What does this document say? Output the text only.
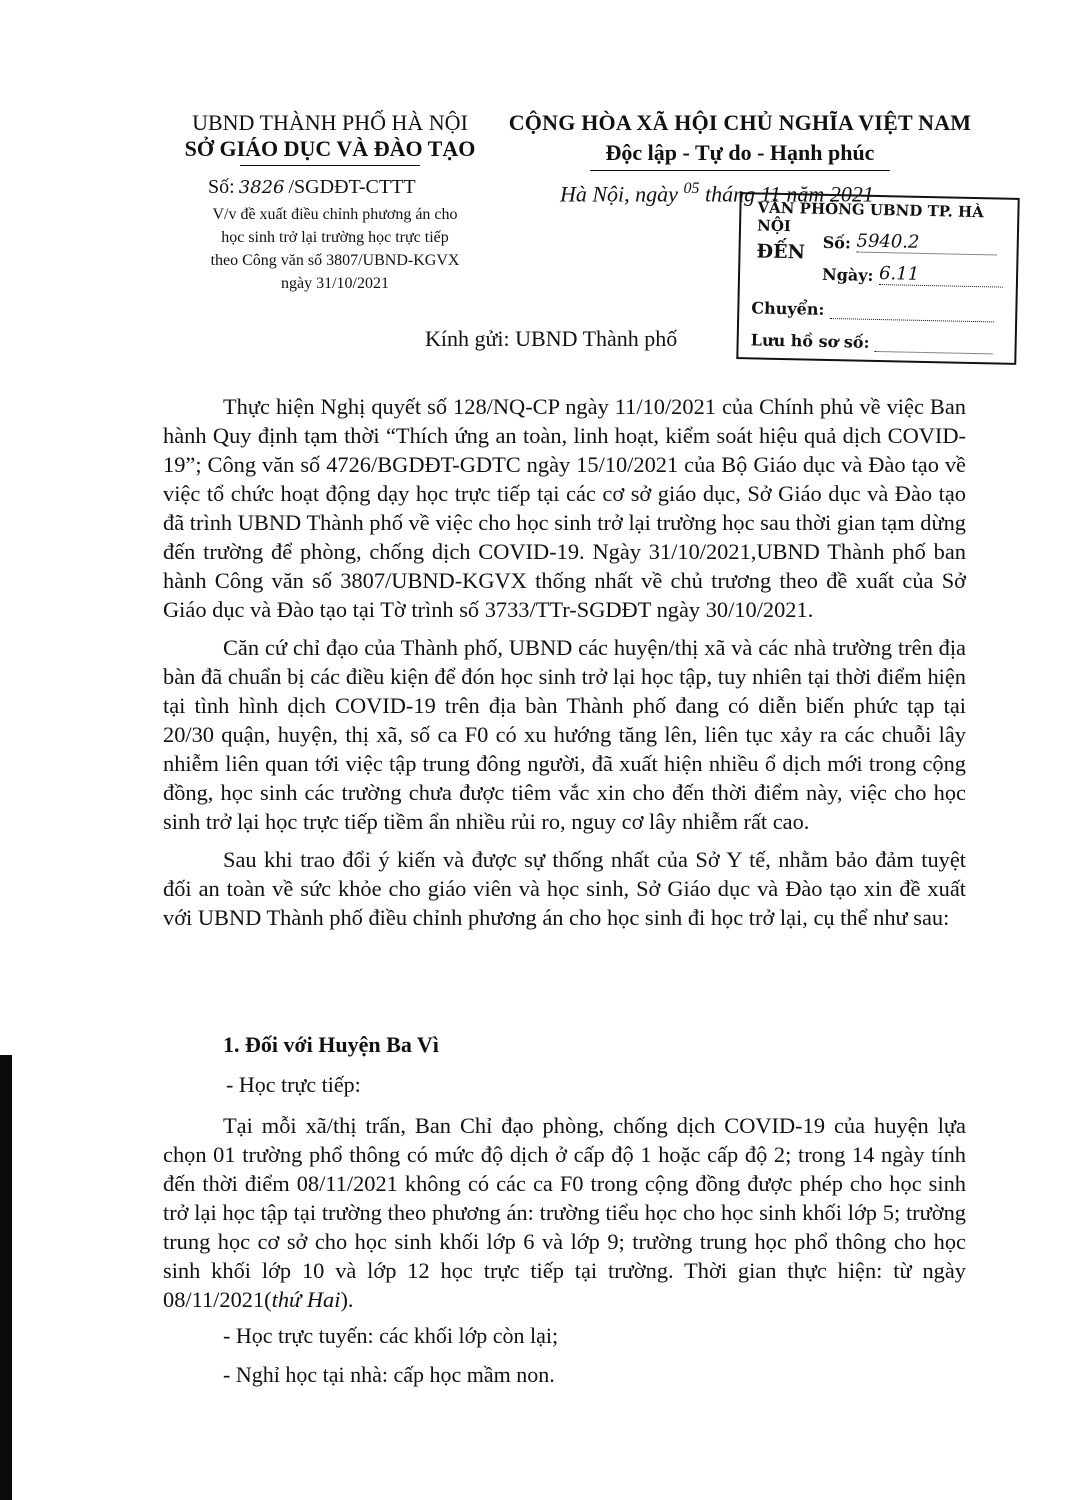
UBND THÀNH PHỐ HÀ NỘI
SỞ GIÁO DỤC VÀ ĐÀO TẠO
CỘNG HÒA XÃ HỘI CHỦ NGHĨA VIỆT NAM
Độc lập - Tự do - Hạnh phúc
Số: 3826 /SGDĐT-CTTT
V/v đề xuất điều chỉnh phương án cho
học sinh trở lại trường học trực tiếp
theo Công văn số 3807/UBND-KGVX
ngày 31/10/2021
Hà Nội, ngày $^{05}$ tháng 11 năm 2021
VĂN PHÒNG UBND TP. HÀ NỘI
ĐẾN Số: 5940.2
Ngày: 6.11
Chuyển:
Lưu hồ sơ số:
Kính gửi: UBND Thành phố

Thực hiện Nghị quyết số 128/NQ-CP ngày 11/10/2021 của Chính phủ về việc Ban hành Quy định tạm thời “Thích ứng an toàn, linh hoạt, kiểm soát hiệu quả dịch COVID-19”; Công văn số 4726/BGDĐT-GDTC ngày 15/10/2021 của Bộ Giáo dục và Đào tạo về việc tổ chức hoạt động dạy học trực tiếp tại các cơ sở giáo dục, Sở Giáo dục và Đào tạo đã trình UBND Thành phố về việc cho học sinh trở lại trường học sau thời gian tạm dừng đến trường để phòng, chống dịch COVID-19. Ngày 31/10/2021,UBND Thành phố ban hành Công văn số 3807/UBND-KGVX thống nhất về chủ trương theo đề xuất của Sở Giáo dục và Đào tạo tại Tờ trình số 3733/TTr-SGDĐT ngày 30/10/2021.

Căn cứ chỉ đạo của Thành phố, UBND các huyện/thị xã và các nhà trường trên địa bàn đã chuẩn bị các điều kiện để đón học sinh trở lại học tập, tuy nhiên tại thời điểm hiện tại tình hình dịch COVID-19 trên địa bàn Thành phố đang có diễn biến phức tạp tại 20/30 quận, huyện, thị xã, số ca F0 có xu hướng tăng lên, liên tục xảy ra các chuỗi lây nhiễm liên quan tới việc tập trung đông người, đã xuất hiện nhiều ổ dịch mới trong cộng đồng, học sinh các trường chưa được tiêm vắc xin cho đến thời điểm này, việc cho học sinh trở lại học trực tiếp tiềm ẩn nhiều rủi ro, nguy cơ lây nhiễm rất cao.

Sau khi trao đổi ý kiến và được sự thống nhất của Sở Y tế, nhằm bảo đảm tuyệt đối an toàn về sức khỏe cho giáo viên và học sinh, Sở Giáo dục và Đào tạo xin đề xuất với UBND Thành phố điều chỉnh phương án cho học sinh đi học trở lại, cụ thể như sau:

1. Đối với Huyện Ba Vì
- Học trực tiếp:

Tại mỗi xã/thị trấn, Ban Chỉ đạo phòng, chống dịch COVID-19 của huyện lựa chọn 01 trường phổ thông có mức độ dịch ở cấp độ 1 hoặc cấp độ 2; trong 14 ngày tính đến thời điểm 08/11/2021 không có các ca F0 trong cộng đồng được phép cho học sinh trở lại học tập tại trường theo phương án: trường tiểu học cho học sinh khối lớp 5; trường trung học cơ sở cho học sinh khối lớp 6 và lớp 9; trường trung học phổ thông cho học sinh khối lớp 10 và lớp 12 học trực tiếp tại trường. Thời gian thực hiện: từ ngày 08/11/2021(thứ Hai).

- Học trực tuyến: các khối lớp còn lại;
- Nghỉ học tại nhà: cấp học mầm non.
